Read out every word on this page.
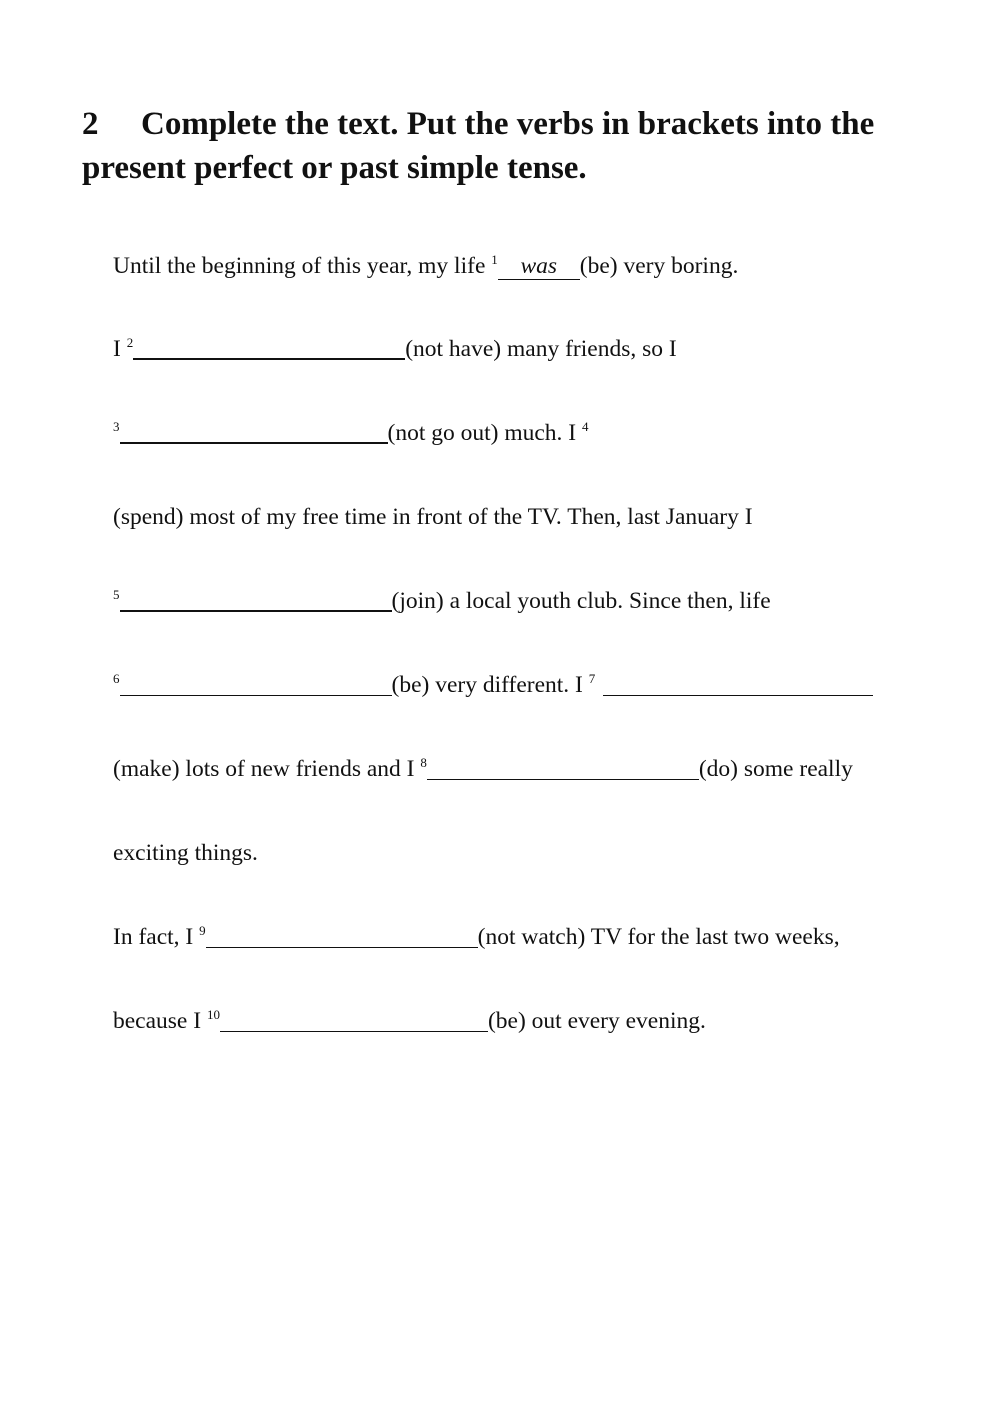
2 Complete the text. Put the verbs in brackets into the present perfect or past simple tense.
Until the beginning of this year, my life $^1$ was (be) very boring.
I $^2$	(not have) many friends, so I
$^3$	(not go out) much. I $^4$
(spend) most of my free time in front of the TV. Then, last January I
$^5$	(join) a local youth club. Since then, life
$^6$	(be) very different. I $^7$
(make) lots of new friends and I $^8$	(do) some really
exciting things.
In fact, I $^9$	(not watch) TV for the last two weeks,
because I $^{10}$	(be) out every evening.
